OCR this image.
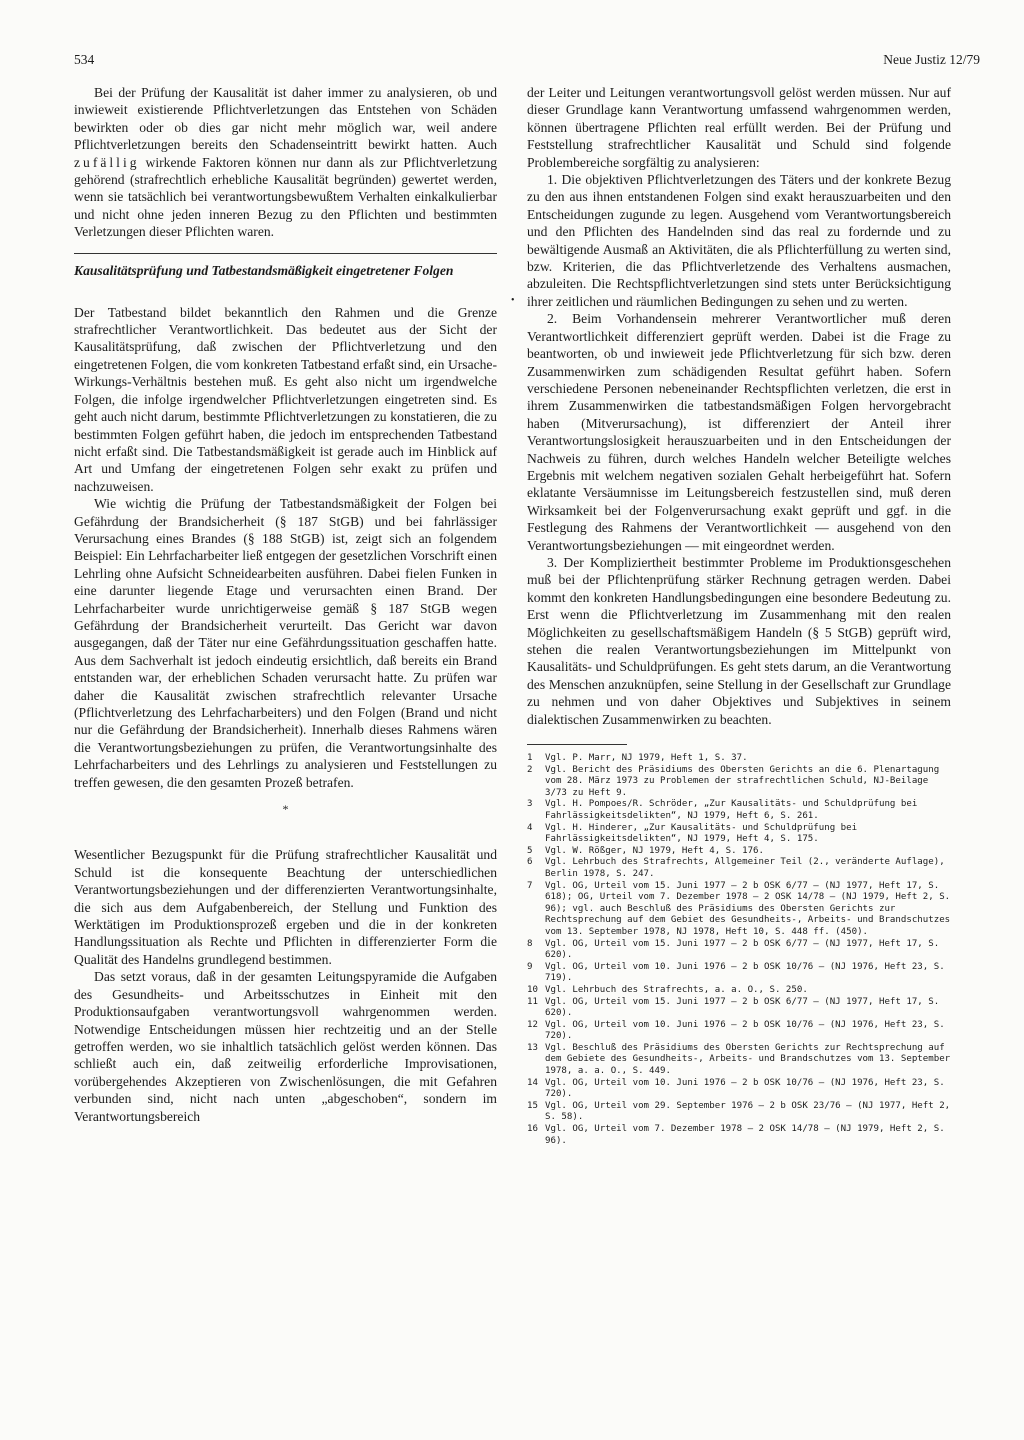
534	Neue Justiz 12/79

Bei der Prüfung der Kausalität ist daher immer zu analysieren, ob und inwieweit existierende Pflichtverletzungen das Entstehen von Schäden bewirkten oder ob dies gar nicht mehr möglich war, weil andere Pflichtverletzungen bereits den Schadenseintritt bewirkt hatten. Auch zufällig wirkende Faktoren können nur dann als zur Pflichtverletzung gehörend (strafrechtlich erhebliche Kausalität begründen) gewertet werden, wenn sie tatsächlich bei verantwortungsbewußtem Verhalten einkalkulierbar und nicht ohne jeden inneren Bezug zu den Pflichten und bestimmten Verletzungen dieser Pflichten waren.

Kausalitätsprüfung und Tatbestandsmäßigkeit eingetretener Folgen

Der Tatbestand bildet bekanntlich den Rahmen und die Grenze strafrechtlicher Verantwortlichkeit. Das bedeutet aus der Sicht der Kausalitätsprüfung, daß zwischen der Pflichtverletzung und den eingetretenen Folgen, die vom konkreten Tatbestand erfaßt sind, ein Ursache-Wirkungs-Verhältnis bestehen muß. Es geht also nicht um irgendwelche Folgen, die infolge irgendwelcher Pflichtverletzungen eingetreten sind. Es geht auch nicht darum, bestimmte Pflichtverletzungen zu konstatieren, die zu bestimmten Folgen geführt haben, die jedoch im entsprechenden Tatbestand nicht erfaßt sind. Die Tatbestandsmäßigkeit ist gerade auch im Hinblick auf Art und Umfang der eingetretenen Folgen sehr exakt zu prüfen und nachzuweisen.

Wie wichtig die Prüfung der Tatbestandsmäßigkeit der Folgen bei Gefährdung der Brandsicherheit (§ 187 StGB) und bei fahrlässiger Verursachung eines Brandes (§ 188 StGB) ist, zeigt sich an folgendem Beispiel: Ein Lehrfacharbeiter ließ entgegen der gesetzlichen Vorschrift einen Lehrling ohne Aufsicht Schneidearbeiten ausführen. Dabei fielen Funken in eine darunter liegende Etage und verursachten einen Brand. Der Lehrfacharbeiter wurde unrichtigerweise gemäß § 187 StGB wegen Gefährdung der Brandsicherheit verurteilt. Das Gericht war davon ausgegangen, daß der Täter nur eine Gefährdungssituation geschaffen hatte. Aus dem Sachverhalt ist jedoch eindeutig ersichtlich, daß bereits ein Brand entstanden war, der erheblichen Schaden verursacht hatte. Zu prüfen war daher die Kausalität zwischen strafrechtlich relevanter Ursache (Pflichtverletzung des Lehrfacharbeiters) und den Folgen (Brand und nicht nur die Gefährdung der Brandsicherheit). Innerhalb dieses Rahmens wären die Verantwortungsbeziehungen zu prüfen, die Verantwortungsinhalte des Lehrfacharbeiters und des Lehrlings zu analysieren und Feststellungen zu treffen gewesen, die den gesamten Prozeß betrafen.

*

Wesentlicher Bezugspunkt für die Prüfung strafrechtlicher Kausalität und Schuld ist die konsequente Beachtung der unterschiedlichen Verantwortungsbeziehungen und der differenzierten Verantwortungsinhalte, die sich aus dem Aufgabenbereich, der Stellung und Funktion des Werktätigen im Produktionsprozeß ergeben und die in der konkreten Handlungssituation als Rechte und Pflichten in differenzierter Form die Qualität des Handelns grundlegend bestimmen.

Das setzt voraus, daß in der gesamten Leitungspyramide die Aufgaben des Gesundheits- und Arbeitsschutzes in Einheit mit den Produktionsaufgaben verantwortungsvoll wahrgenommen werden. Notwendige Entscheidungen müssen hier rechtzeitig und an der Stelle getroffen werden, wo sie inhaltlich tatsächlich gelöst werden können. Das schließt auch ein, daß zeitweilig erforderliche Improvisationen, vorübergehendes Akzeptieren von Zwischenlösungen, die mit Gefahren verbunden sind, nicht nach unten „abgeschoben“, sondern im Verantwortungsbereich

•

der Leiter und Leitungen verantwortungsvoll gelöst werden müssen. Nur auf dieser Grundlage kann Verantwortung umfassend wahrgenommen werden, können übertragene Pflichten real erfüllt werden. Bei der Prüfung und Feststellung strafrechtlicher Kausalität und Schuld sind folgende Problembereiche sorgfältig zu analysieren:

1. Die objektiven Pflichtverletzungen des Täters und der konkrete Bezug zu den aus ihnen entstandenen Folgen sind exakt herauszuarbeiten und den Entscheidungen zugunde zu legen. Ausgehend vom Verantwortungsbereich und den Pflichten des Handelnden sind das real zu fordernde und zu bewältigende Ausmaß an Aktivitäten, die als Pflichterfüllung zu werten sind, bzw. Kriterien, die das Pflichtverletzende des Verhaltens ausmachen, abzuleiten. Die Rechtspflichtverletzungen sind stets unter Berücksichtigung ihrer zeitlichen und räumlichen Bedingungen zu sehen und zu werten.

2. Beim Vorhandensein mehrerer Verantwortlicher muß deren Verantwortlichkeit differenziert geprüft werden. Dabei ist die Frage zu beantworten, ob und inwieweit jede Pflichtverletzung für sich bzw. deren Zusammenwirken zum schädigenden Resultat geführt haben. Sofern verschiedene Personen nebeneinander Rechtspflichten verletzen, die erst in ihrem Zusammenwirken die tatbestandsmäßigen Folgen hervorgebracht haben (Mitverursachung), ist differenziert der Anteil ihrer Verantwortungslosigkeit herauszuarbeiten und in den Entscheidungen der Nachweis zu führen, durch welches Handeln welcher Beteiligte welches Ergebnis mit welchem negativen sozialen Gehalt herbeigeführt hat. Sofern eklatante Versäumnisse im Leitungsbereich festzustellen sind, muß deren Wirksamkeit bei der Folgenverursachung exakt geprüft und ggf. in die Festlegung des Rahmens der Verantwortlichkeit — ausgehend von den Verantwortungsbeziehungen — mit eingeordnet werden.

3. Der Kompliziertheit bestimmter Probleme im Produktionsgeschehen muß bei der Pflichtenprüfung stärker Rechnung getragen werden. Dabei kommt den konkreten Handlungsbedingungen eine besondere Bedeutung zu. Erst wenn die Pflichtverletzung im Zusammenhang mit den realen Möglichkeiten zu gesellschaftsmäßigem Handeln (§ 5 StGB) geprüft wird, stehen die realen Verantwortungsbeziehungen im Mittelpunkt von Kausalitäts- und Schuldprüfungen. Es geht stets darum, an die Verantwortung des Menschen anzuknüpfen, seine Stellung in der Gesellschaft zur Grundlage zu nehmen und von daher Objektives und Subjektives in seinem dialektischen Zusammenwirken zu beachten.

1	Vgl. P. Marr, NJ 1979, Heft 1, S. 37.
2	Vgl. Bericht des Präsidiums des Obersten Gerichts an die 6. Plenartagung vom 28. März 1973 zu Problemen der strafrechtlichen Schuld, NJ-Beilage 3/73 zu Heft 9.
3	Vgl. H. Pompoes/R. Schröder, „Zur Kausalitäts- und Schuldprüfung bei Fahrlässigkeitsdelikten“, NJ 1979, Heft 6, S. 261.
4	Vgl. H. Hinderer, „Zur Kausalitäts- und Schuldprüfung bei Fahrlässigkeitsdelikten“, NJ 1979, Heft 4, S. 175.
5	Vgl. W. Rößger, NJ 1979, Heft 4, S. 176.
6	Vgl. Lehrbuch des Strafrechts, Allgemeiner Teil (2., veränderte Auflage), Berlin 1978, S. 247.
7	Vgl. OG, Urteil vom 15. Juni 1977 — 2 b OSK 6/77 — (NJ 1977, Heft 17, S. 618); OG, Urteil vom 7. Dezember 1978 — 2 OSK 14/78 — (NJ 1979, Heft 2, S. 96); vgl. auch Beschluß des Präsidiums des Obersten Gerichts zur Rechtsprechung auf dem Gebiet des Gesundheits-, Arbeits- und Brandschutzes vom 13. September 1978, NJ 1978, Heft 10, S. 448 ff. (450).
8	Vgl. OG, Urteil vom 15. Juni 1977 — 2 b OSK 6/77 — (NJ 1977, Heft 17, S. 620).
9	Vgl. OG, Urteil vom 10. Juni 1976 — 2 b OSK 10/76 — (NJ 1976, Heft 23, S. 719).
10 Vgl. Lehrbuch des Strafrechts, a. a. O., S. 250.
11 Vgl. OG, Urteil vom 15. Juni 1977 — 2 b OSK 6/77 — (NJ 1977, Heft 17, S. 620).
12 Vgl. OG, Urteil vom 10. Juni 1976 — 2 b OSK 10/76 — (NJ 1976, Heft 23, S. 720).
13 Vgl. Beschluß des Präsidiums des Obersten Gerichts zur Rechtsprechung auf dem Gebiete des Gesundheits-, Arbeits- und Brandschutzes vom 13. September 1978, a. a. O., S. 449.
14 Vgl. OG, Urteil vom 10. Juni 1976 — 2 b OSK 10/76 — (NJ 1976, Heft 23, S. 720).
15 Vgl. OG, Urteil vom 29. September 1976 — 2 b OSK 23/76 — (NJ 1977, Heft 2, S. 58).
16 Vgl. OG, Urteil vom 7. Dezember 1978 — 2 OSK 14/78 — (NJ 1979, Heft 2, S. 96).
